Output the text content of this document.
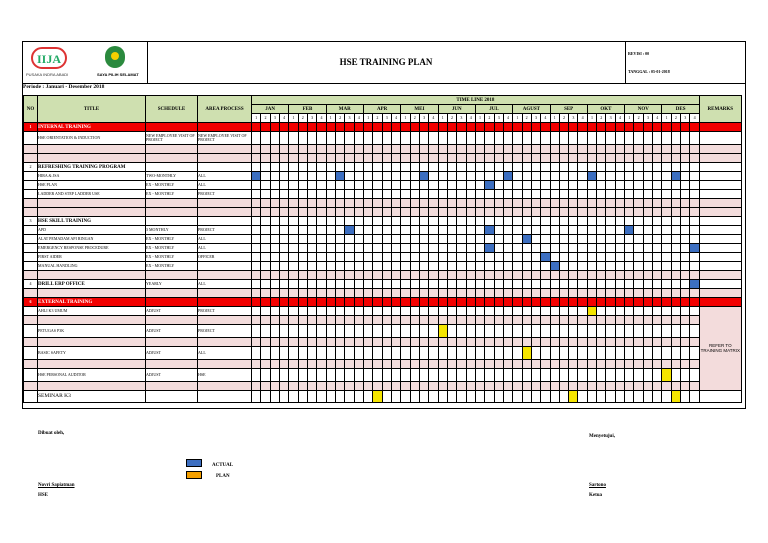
IIJA
PUSAKA INDRA ABADI	SAYA PILIH SELAMAT
HSE TRAINING PLAN
REVISI : 00
TANGGAL : 05-01-2018
Periode : Januari - Desember 2018
NO	TITLE	SCHEDULE	AREA PROCESS	TIME LINE 2018																																																REMARKS
				JAN				FEB				MAR				APR				MEI				JUN				JUL				AGUST				SEP				OKT				NOV				DES				
				1	2	3	4	1	2	3	4	1	2	3	4	1	2	3	4	1	2	3	4	1	2	3	4	1	2	3	4	1	2	3	4	1	2	3	4	1	2	3	4	1	2	3	4	1	2	3	4	
1	INTERNAL TRAINING																																																			
	HSE ORIENTATION & INDUCTION	NEW EMPLOYEE VISIT OF PROJECT	NEW EMPLOYEE VISIT OF PROJECT																																																	

2	REFRESHING TRAINING PROGRAM																																																			
	HIRA & JSA	TWO-MONTHLY	ALL																																																	
	HSE PLAN	EX - MONTHLY	ALL																																																	
	LADDER AND STEP LADDER USE	EX - MONTHLY	PROJECT																																																	

3	HSE SKILL TRAINING																																																			
	APD	3 MONTHLY	PROJECT																																																	
	ALAT PEMADAM API RINGAN	EX - MONTHLY	ALL																																																	
	EMERGENCY RESPONSE PROCEDURE	EX - MONTHLY	ALL																																																	
	FIRST AIDER	EX - MONTHLY	OFFICER																																																	
	MANUAL HANDLING	EX - MONTHLY																																																		

4	DRILL ERP OFFICE	YEARLY	ALL																																																	

6	EXTERNAL TRAINING																																																			
	AHLI K3 UMUM	ADJUST	PROJECT																																																	REFER TO TRAINING MATRIX

	PETUGAS P3K	ADJUST	PROJECT																																																	

	BASIC SAFETY	ADJUST	ALL																																																	

	HSE PERSONAL AUDITOR	ADJUST	HSE																																																	

	SEMINAR K3																																																			
Dibuat oleh,
Menyetujui,
ACTUAL
PLAN
Novri Sapiatman
HSE
Sartono
Ketua
